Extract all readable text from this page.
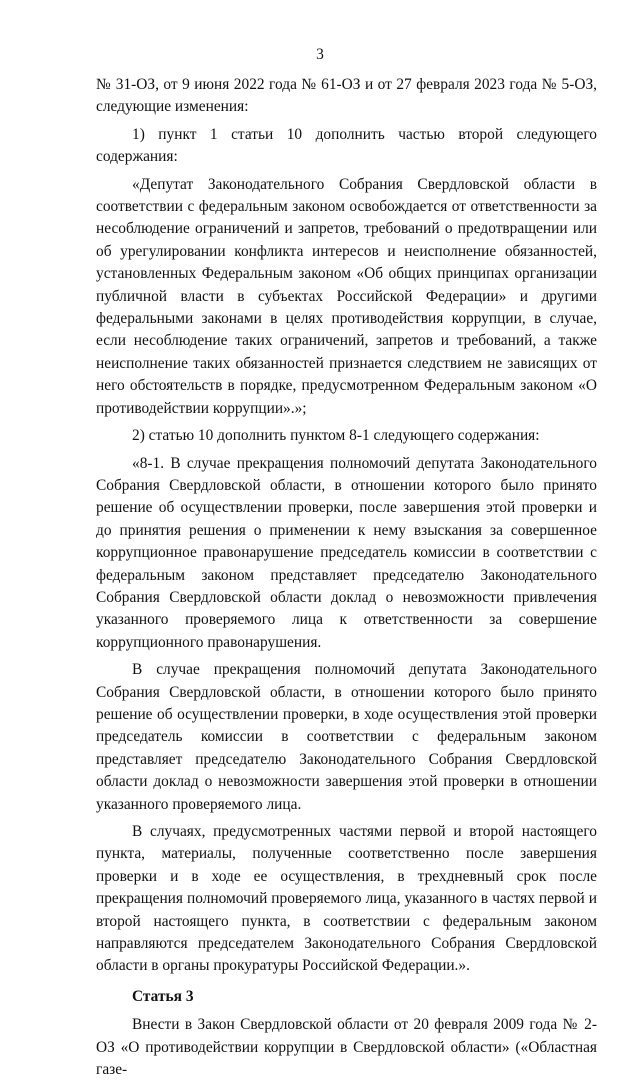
3

№ 31-ОЗ, от 9 июня 2022 года № 61-ОЗ и от 27 февраля 2023 года № 5-ОЗ, следующие изменения:

1) пункт 1 статьи 10 дополнить частью второй следующего содержания:

«Депутат Законодательного Собрания Свердловской области в соответствии с федеральным законом освобождается от ответственности за несоблюдение ограничений и запретов, требований о предотвращении или об урегулировании конфликта интересов и неисполнение обязанностей, установленных Федеральным законом «Об общих принципах организации публичной власти в субъектах Российской Федерации» и другими федеральными законами в целях противодействия коррупции, в случае, если несоблюдение таких ограничений, запретов и требований, а также неисполнение таких обязанностей признается следствием не зависящих от него обстоятельств в порядке, предусмотренном Федеральным законом «О противодействии коррупции».»;

2) статью 10 дополнить пунктом 8-1 следующего содержания:

«8-1. В случае прекращения полномочий депутата Законодательного Собрания Свердловской области, в отношении которого было принято решение об осуществлении проверки, после завершения этой проверки и до принятия решения о применении к нему взыскания за совершенное коррупционное правонарушение председатель комиссии в соответствии с федеральным законом представляет председателю Законодательного Собрания Свердловской области доклад о невозможности привлечения указанного проверяемого лица к ответственности за совершение коррупционного правонарушения.

В случае прекращения полномочий депутата Законодательного Собрания Свердловской области, в отношении которого было принято решение об осуществлении проверки, в ходе осуществления этой проверки председатель комиссии в соответствии с федеральным законом представляет председателю Законодательного Собрания Свердловской области доклад о невозможности завершения этой проверки в отношении указанного проверяемого лица.

В случаях, предусмотренных частями первой и второй настоящего пункта, материалы, полученные соответственно после завершения проверки и в ходе ее осуществления, в трехдневный срок после прекращения полномочий проверяемого лица, указанного в частях первой и второй настоящего пункта, в соответствии с федеральным законом направляются председателем Законодательного Собрания Свердловской области в органы прокуратуры Российской Федерации.».

Статья 3

Внести в Закон Свердловской области от 20 февраля 2009 года № 2-ОЗ «О противодействии коррупции в Свердловской области» («Областная газе-
